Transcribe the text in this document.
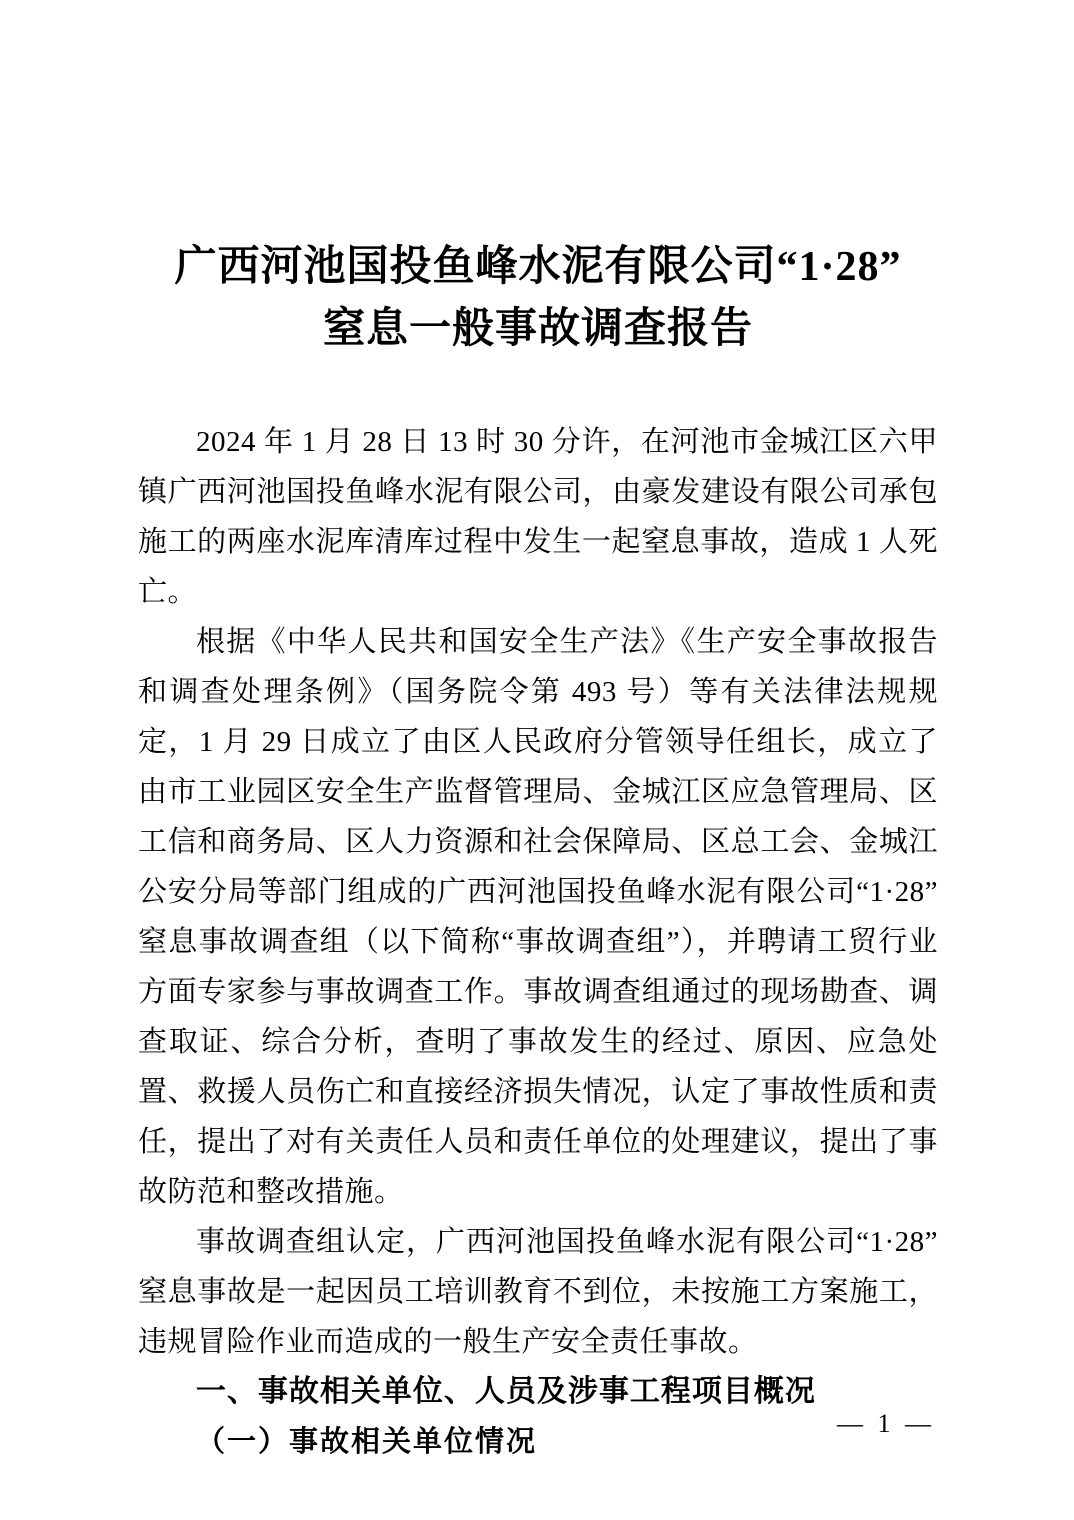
广西河池国投鱼峰水泥有限公司“1·28”
窒息一般事故调查报告

2024 年 1 月 28 日 13 时 30 分许，在河池市金城江区六甲镇广西河池国投鱼峰水泥有限公司，由豪发建设有限公司承包施工的两座水泥库清库过程中发生一起窒息事故，造成 1 人死亡。

根据《中华人民共和国安全生产法》《生产安全事故报告和调查处理条例》（国务院令第 493 号）等有关法律法规规定，1 月 29 日成立了由区人民政府分管领导任组长，成立了由市工业园区安全生产监督管理局、金城江区应急管理局、区工信和商务局、区人力资源和社会保障局、区总工会、金城江公安分局等部门组成的广西河池国投鱼峰水泥有限公司“1·28”窒息事故调查组（以下简称“事故调查组”），并聘请工贸行业方面专家参与事故调查工作。事故调查组通过的现场勘查、调查取证、综合分析，查明了事故发生的经过、原因、应急处置、救援人员伤亡和直接经济损失情况，认定了事故性质和责任，提出了对有关责任人员和责任单位的处理建议，提出了事故防范和整改措施。

事故调查组认定，广西河池国投鱼峰水泥有限公司“1·28”窒息事故是一起因员工培训教育不到位，未按施工方案施工，违规冒险作业而造成的一般生产安全责任事故。

一、事故相关单位、人员及涉事工程项目概况
（一）事故相关单位情况
— 1 —
